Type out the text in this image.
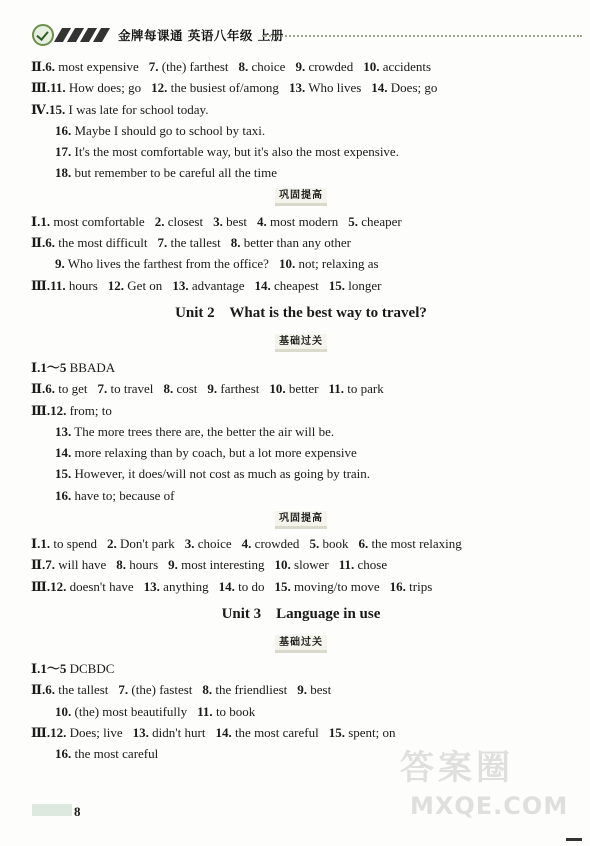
金牌每课通 英语八年级 上册
Ⅱ.6. most expensive 7. (the) farthest 8. choice 9. crowded 10. accidents
Ⅲ.11. How does; go 12. the busiest of/among 13. Who lives 14. Does; go
Ⅳ.15. I was late for school today.
16. Maybe I should go to school by taxi.
17. It's the most comfortable way, but it's also the most expensive.
18. but remember to be careful all the time
巩固提高
Ⅰ.1. most comfortable 2. closest 3. best 4. most modern 5. cheaper
Ⅱ.6. the most difficult 7. the tallest 8. better than any other
9. Who lives the farthest from the office? 10. not; relaxing as
Ⅲ.11. hours 12. Get on 13. advantage 14. cheapest 15. longer
Unit 2    What is the best way to travel?
基础过关
Ⅰ.1～5 BBADA
Ⅱ.6. to get 7. to travel 8. cost 9. farthest 10. better 11. to park
Ⅲ.12. from; to
13. The more trees there are, the better the air will be.
14. more relaxing than by coach, but a lot more expensive
15. However, it does/will not cost as much as going by train.
16. have to; because of
巩固提高
Ⅰ.1. to spend 2. Don't park 3. choice 4. crowded 5. book 6. the most relaxing
Ⅱ.7. will have 8. hours 9. most interesting 10. slower 11. chose
Ⅲ.12. doesn't have 13. anything 14. to do 15. moving/to move 16. trips
Unit 3    Language in use
基础过关
Ⅰ.1～5 DCBDC
Ⅱ.6. the tallest 7. (the) fastest 8. the friendliest 9. best
10. (the) most beautifully 11. to book
Ⅲ.12. Does; live 13. didn't hurt 14. the most careful 15. spent; on
16. the most careful
8
答案圈
MXQE.COM
